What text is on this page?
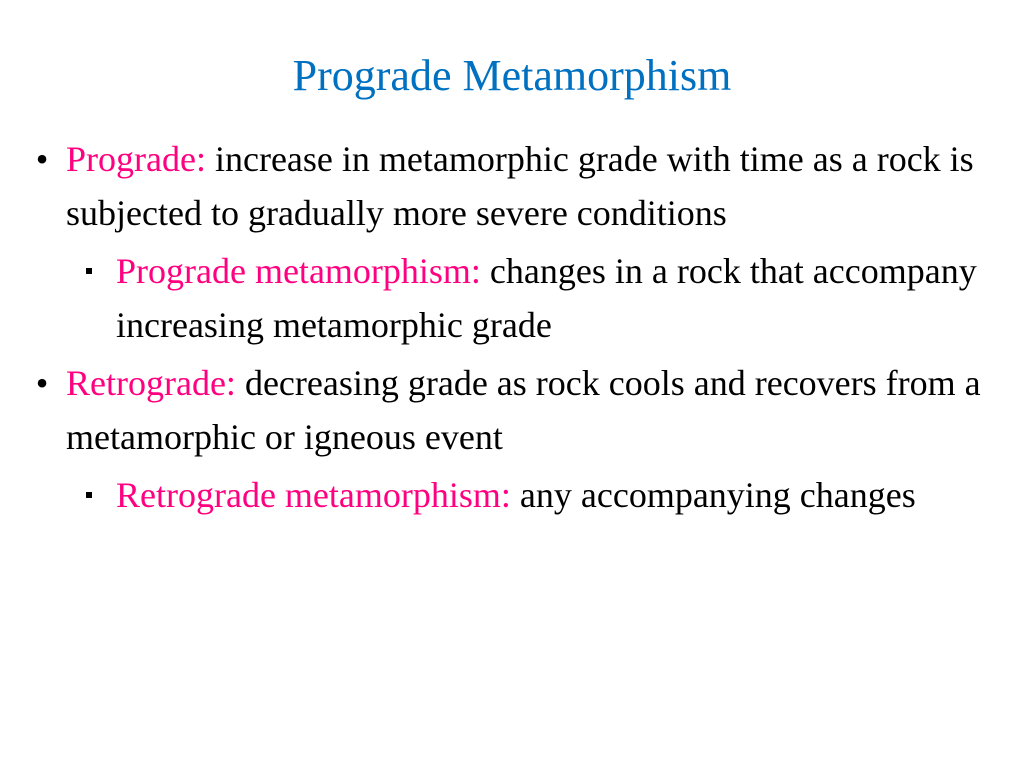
Prograde Metamorphism
• Prograde: increase in metamorphic grade with time as a rock is subjected to gradually more severe conditions
Prograde metamorphism: changes in a rock that accompany increasing metamorphic grade
• Retrograde: decreasing grade as rock cools and recovers from a metamorphic or igneous event
Retrograde metamorphism: any accompanying changes
